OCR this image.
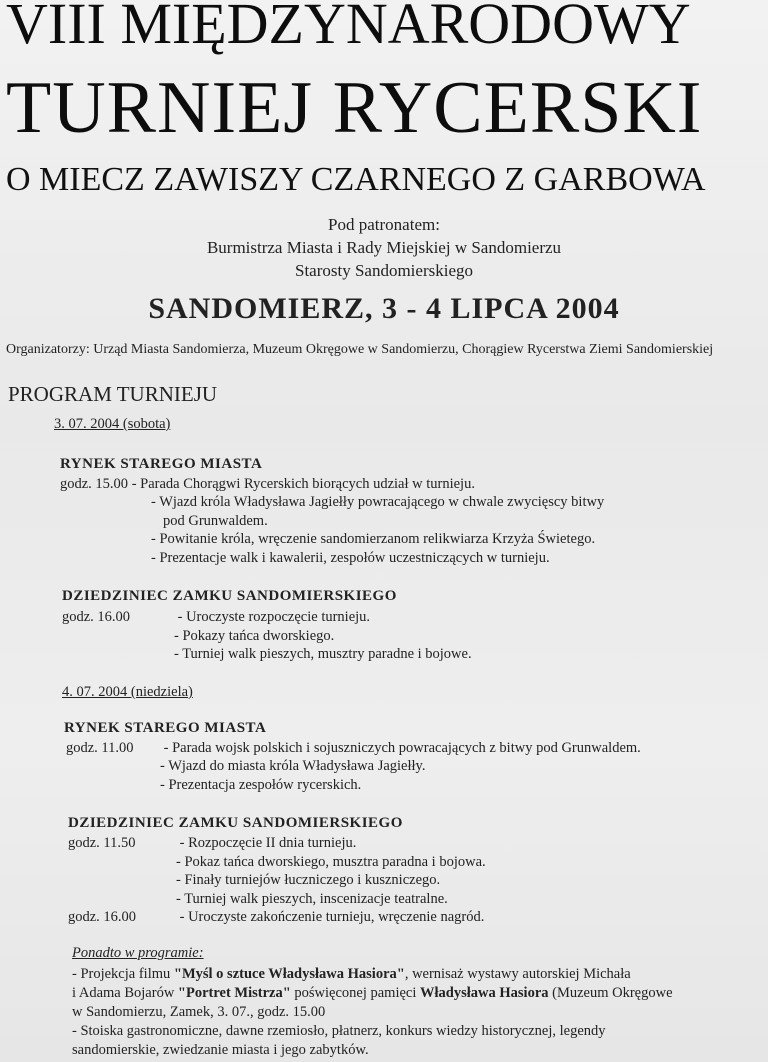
VIII MIĘDZYNARODOWY
TURNIEJ RYCERSKI
O MIECZ ZAWISZY CZARNEGO Z GARBOWA
Pod patronatem:
Burmistrza Miasta i Rady Miejskiej w Sandomierzu
Starosty Sandomierskiego
SANDOMIERZ, 3 - 4 LIPCA 2004
Organizatorzy: Urząd Miasta Sandomierza, Muzeum Okręgowe w Sandomierzu, Chorągiew Rycerstwa Ziemi Sandomierskiej
PROGRAM TURNIEJU
3. 07. 2004 (sobota)
RYNEK STAREGO MIASTA
godz. 15.00 - Parada Chorągwi Rycerskich biorących udział w turnieju.
- Wjazd króla Władysława Jagiełły powracającego w chwale zwycięscy bitwy
pod Grunwaldem.
- Powitanie króla, wręczenie sandomierzanom relikwiarza Krzyża Świetego.
- Prezentacje walk i kawalerii, zespołów uczestniczących w turnieju.
DZIEDZINIEC ZAMKU SANDOMIERSKIEGO
godz. 16.00	- Uroczyste rozpoczęcie turnieju.
- Pokazy tańca dworskiego.
- Turniej walk pieszych, musztry paradne i bojowe.
4. 07. 2004 (niedziela)
RYNEK STAREGO MIASTA
godz. 11.00 - Parada wojsk polskich i sojuszniczych powracających z bitwy pod Grunwaldem.
- Wjazd do miasta króla Władysława Jagiełły.
- Prezentacja zespołów rycerskich.
DZIEDZINIEC ZAMKU SANDOMIERSKIEGO
godz. 11.50	- Rozpoczęcie II dnia turnieju.
- Pokaz tańca dworskiego, musztra paradna i bojowa.
- Finały turniejów łuczniczego i kuszniczego.
- Turniej walk pieszych, inscenizacje teatralne.
godz. 16.00	- Uroczyste zakończenie turnieju, wręczenie nagród.
Ponadto w programie:
- Projekcja filmu "Myśl o sztuce Władysława Hasiora", wernisaż wystawy autorskiej Michała
i Adama Bojarów "Portret Mistrza" poświęconej pamięci Władysława Hasiora (Muzeum Okręgowe
w Sandomierzu, Zamek, 3. 07., godz. 15.00
- Stoiska gastronomiczne, dawne rzemiosło, płatnerz, konkurs wiedzy historycznej, legendy
sandomierskie, zwiedzanie miasta i jego zabytków.
